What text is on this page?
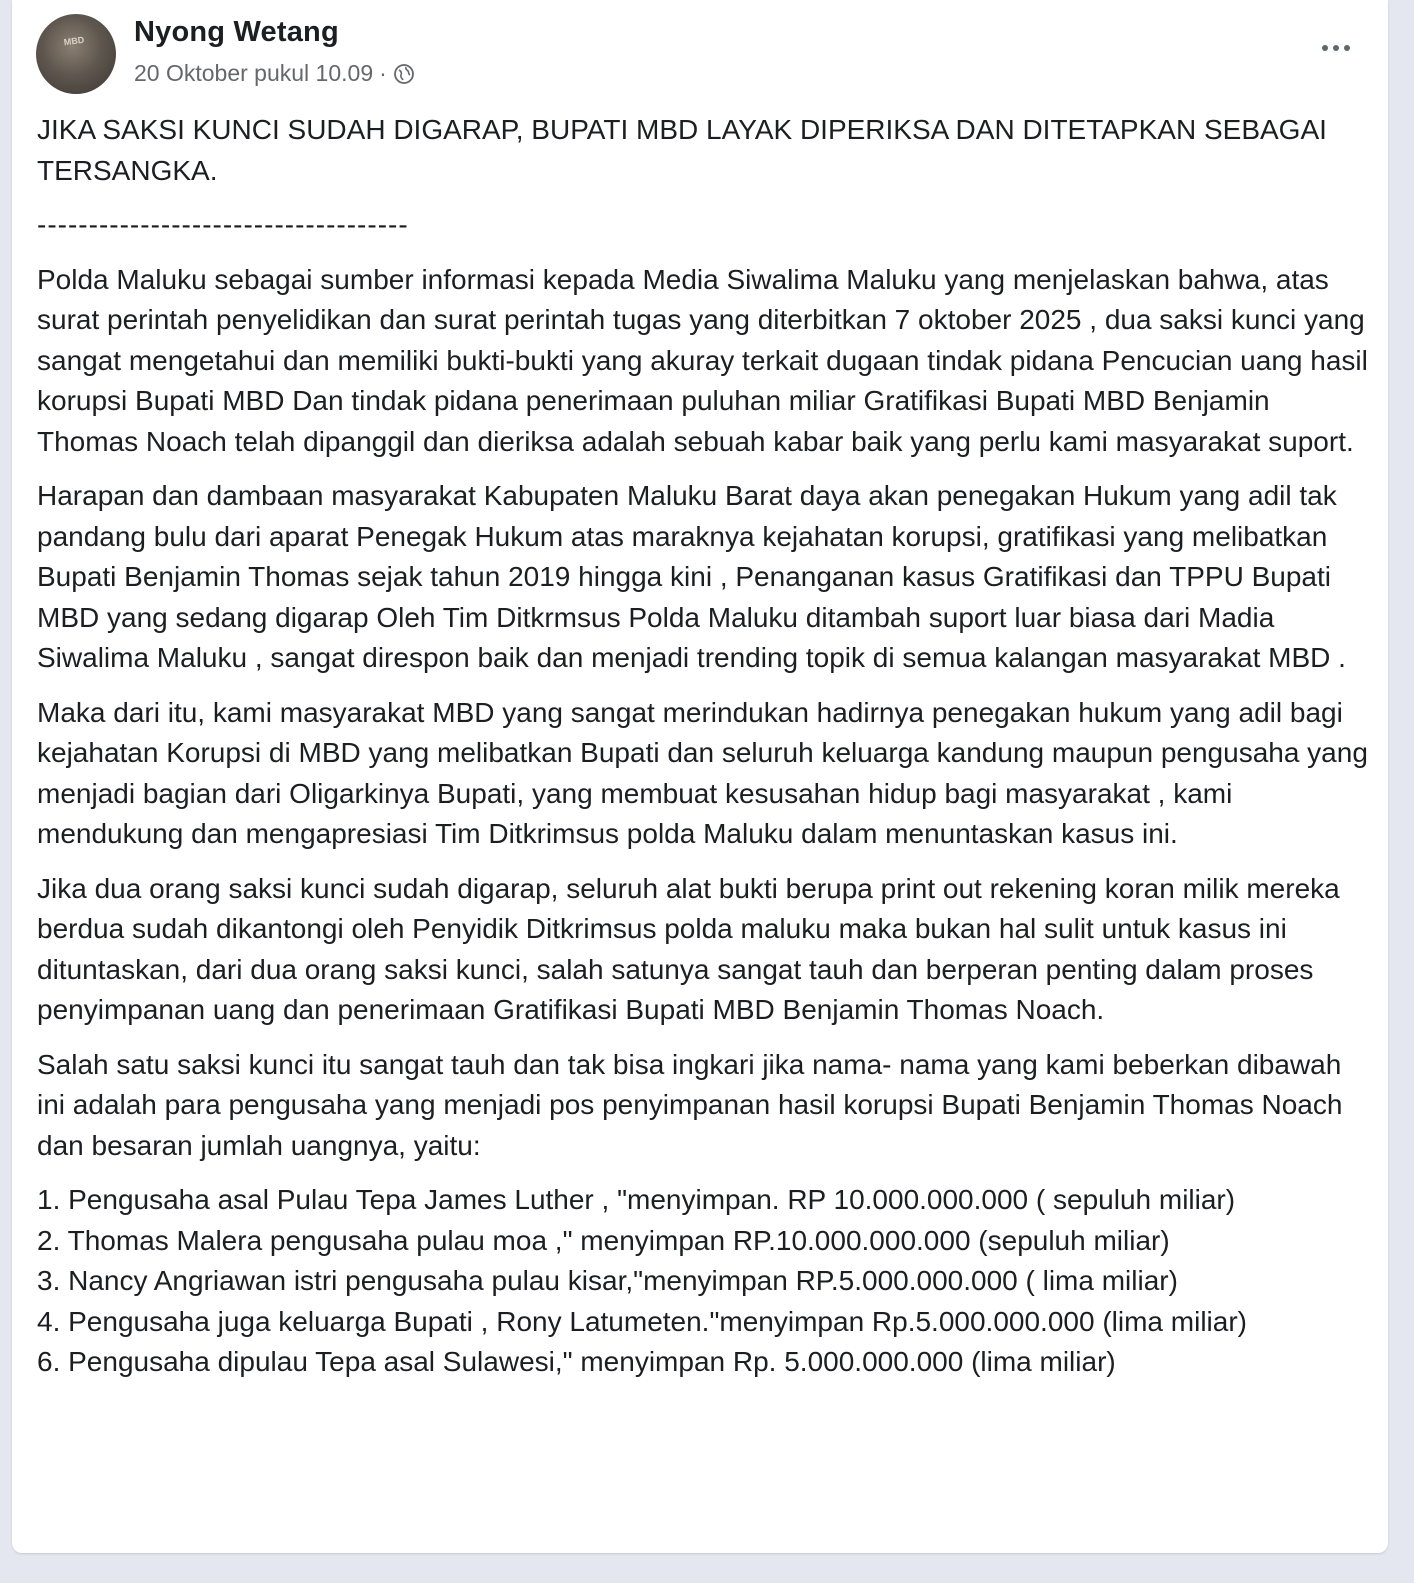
MBD	Nyong Wetang
20 Oktober pukul 10.09 ·

JIKA SAKSI KUNCI SUDAH DIGARAP, BUPATI MBD LAYAK DIPERIKSA DAN DITETAPKAN SEBAGAI TERSANGKA.

------------------------------------

Polda Maluku sebagai sumber informasi kepada Media Siwalima Maluku yang menjelaskan bahwa, atas surat perintah penyelidikan dan surat perintah tugas yang diterbitkan 7 oktober 2025 , dua saksi kunci yang sangat mengetahui dan memiliki bukti-bukti yang akuray terkait dugaan tindak pidana Pencucian uang hasil korupsi Bupati MBD Dan tindak pidana penerimaan puluhan miliar Gratifikasi Bupati MBD Benjamin Thomas Noach telah dipanggil dan dieriksa adalah sebuah kabar baik yang perlu kami masyarakat suport.

Harapan dan dambaan masyarakat Kabupaten Maluku Barat daya akan penegakan Hukum yang adil tak pandang bulu dari aparat Penegak Hukum atas maraknya kejahatan korupsi, gratifikasi yang melibatkan Bupati Benjamin Thomas sejak tahun 2019 hingga kini , Penanganan kasus Gratifikasi dan TPPU Bupati MBD yang sedang digarap Oleh Tim Ditkrmsus Polda Maluku ditambah suport luar biasa dari Madia Siwalima Maluku , sangat direspon baik dan menjadi trending topik di semua kalangan masyarakat MBD .

Maka dari itu, kami masyarakat MBD yang sangat merindukan hadirnya penegakan hukum yang adil bagi kejahatan Korupsi di MBD yang melibatkan Bupati dan seluruh keluarga kandung maupun pengusaha yang menjadi bagian dari Oligarkinya Bupati, yang membuat kesusahan hidup bagi masyarakat , kami mendukung dan mengapresiasi Tim Ditkrimsus polda Maluku dalam menuntaskan kasus ini.

Jika dua orang saksi kunci sudah digarap, seluruh alat bukti berupa print out rekening koran milik mereka berdua sudah dikantongi oleh Penyidik Ditkrimsus polda maluku maka bukan hal sulit untuk kasus ini dituntaskan, dari dua orang saksi kunci, salah satunya sangat tauh dan berperan penting dalam proses penyimpanan uang dan penerimaan Gratifikasi Bupati MBD Benjamin Thomas Noach.

Salah satu saksi kunci itu sangat tauh dan tak bisa ingkari jika nama- nama yang kami beberkan dibawah ini adalah para pengusaha yang menjadi pos penyimpanan hasil korupsi Bupati Benjamin Thomas Noach dan besaran jumlah uangnya, yaitu:

1. Pengusaha asal Pulau Tepa James Luther , "menyimpan. RP 10.000.000.000 ( sepuluh miliar)
2. Thomas Malera pengusaha pulau moa ," menyimpan RP.10.000.000.000 (sepuluh miliar)
3. Nancy Angriawan istri pengusaha pulau kisar,"menyimpan RP.5.000.000.000 ( lima miliar)
4. Pengusaha juga keluarga Bupati , Rony Latumeten."menyimpan Rp.5.000.000.000 (lima miliar)
6. Pengusaha dipulau Tepa asal Sulawesi," menyimpan Rp. 5.000.000.000 (lima miliar)
